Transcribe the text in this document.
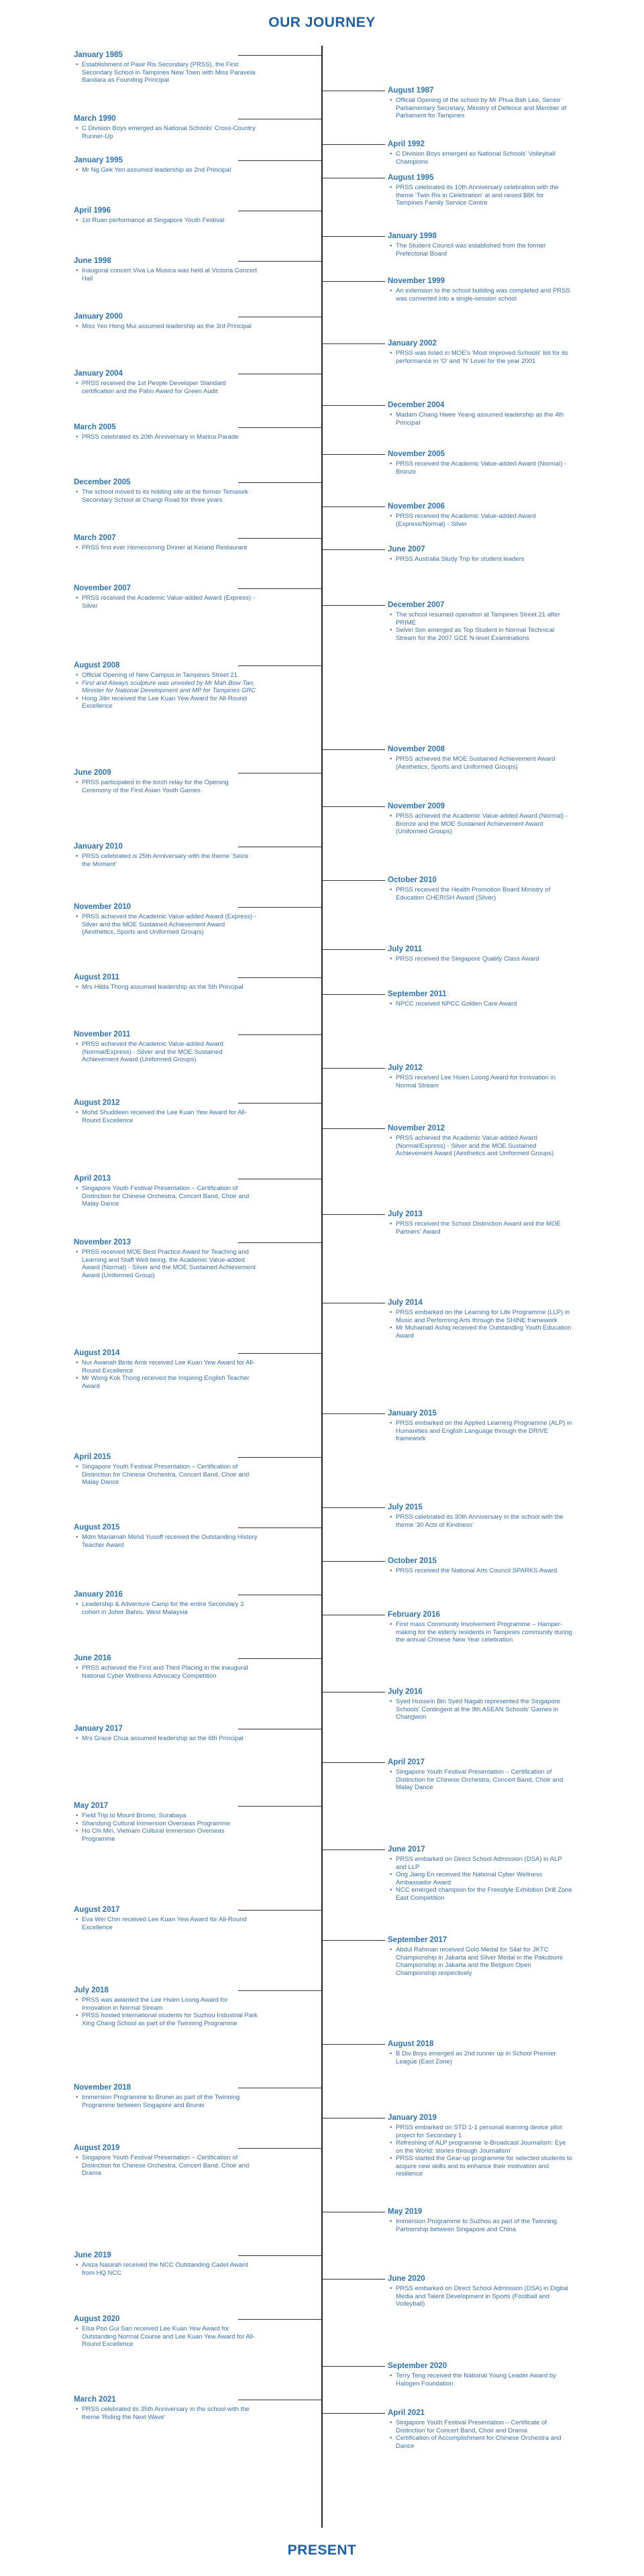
OUR JOURNEY
January 1985
• Establishment of Pasir Ris Secondary (PRSS), the First Secondary School in Tampines New Town with Miss Paravela Bandara as Founding Principal
August 1987
• Official Opening of the school by Mr Phua Bah Lee, Senior Parliamentary Secretary, Ministry of Defence and Member of Parliament for Tampines
March 1990
• C Division Boys emerged as National Schools' Cross-Country Runner-Up
April 1992
• C Division Boys emerged as National Schools' Volleyball Champions
January 1995
• Mr Ng Gek Yen assumed leadership as 2nd Principal
August 1995
• PRSS celebrated its 10th Anniversary celebration with the theme 'Twin Ris in Celebration' at and raised $8K for Tampines Family Service Centre
April 1996
• 1st Ruan performance at Singapore Youth Festival
January 1998
• The Student Council was established from the former Prefectorial Board
June 1998
• Inaugural concert Viva La Musica was held at Victoria Concert Hall	November 1999
• An extension to the school building was completed and PRSS was converted into a single-session school
January 2000
• Miss Yeo Hong Mui assumed leadership as the 3rd Principal
January 2002
• PRSS was listed in MOE's 'Most Improved Schools' list for its performance in 'O' and 'N' Level for the year 2001
January 2004
• PRSS received the 1st People Developer Standard certification and the Pahn Award for Green Audit
December 2004
• Madam Chang Hwee Yeang assumed leadership as the 4th Principal
March 2005
• PRSS celebrated its 20th Anniversary in Marina Parade
November 2005
• PRSS received the Academic Value-added Award (Normal) - Bronze
December 2005
• The school moved to its holding site at the former Temasek Secondary School at Changi Road for three years
November 2006
• PRSS received the Academic Value-added Award (Express/Normal) - Silver
March 2007
• PRSS first ever Homecoming Dinner at Keland Restaurant	June 2007
• PRSS Australia Study Trip for student leaders
November 2007
• PRSS received the Academic Value-added Award (Express) - Silver	December 2007
• The school resumed operation at Tampines Street 21 after PRIME
• Selvin Sim emerged as Top Student in Normal Technical Stream for the 2007 GCE N-level Examinations
August 2008
• Official Opening of New Campus in Tampines Street 21
• First and Always sculpture was unveiled by Mr Mah Bow Tan, Minister for National Development and MP for Tampines GRC
• Hong Jilin received the Lee Kuan Yew Award for All-Round Excellence
November 2008
• PRSS achieved the MOE Sustained Achievement Award (Aesthetics, Sports and Uniformed Groups)
June 2009
• PRSS participated in the torch relay for the Opening Ceremony of the First Asian Youth Games
November 2009
• PRSS achieved the Academic Value-added Award (Normal) - Bronze and the MOE Sustained Achievement Award (Uniformed Groups)
January 2010
• PRSS celebrated is 25th Anniversary with the theme 'Seize the Moment'
October 2010
• PRSS received the Health Promotion Board Ministry of Education CHERISH Award (Silver)
November 2010
• PRSS achieved the Academic Value-added Award (Express) - Silver and the MOE Sustained Achievement Award (Aesthetics, Sports and Uniformed Groups)
July 2011
• PRSS received the Singapore Quality Class Award
August 2011
• Mrs Hilda Thong assumed leadership as the 5th Principal
September 2011
• NPCC received NPCC Golden Care Award
November 2011
• PRSS achieved the Academic Value-added Award (Normal/Express) - Silver and the MOE Sustained Achievement Award (Uniformed Groups)
July 2012
• PRSS received Lee Hsien Loong Award for Innovation in Normal Stream
August 2012
• Mohd Shuddeen received the Lee Kuan Yew Award for All-Round Excellence
November 2012
• PRSS achieved the Academic Value-added Award (Normal/Express) - Silver and the MOE Sustained Achievement Award (Aesthetics and Uniformed Groups)
April 2013
• Singapore Youth Festival Presentation – Certification of Distinction for Chinese Orchestra, Concert Band, Choir and Malay Dance
July 2013
• PRSS received the School Distinction Award and the MOE Partners' Award
November 2013
• PRSS received MOE Best Practice Award for Teaching and Learning and Staff Well-being, the Academic Value-added Award (Normal) - Silver and the MOE Sustained Achievement Award (Uniformed Group)
July 2014
• PRSS embarked on the Learning for Life Programme (LLP) in Music and Performing Arts through the SHINE framework
• Mr Muhamad Ashiq received the Outstanding Youth Education Award
August 2014
• Nur Awanah Binte Amir received Lee Kuan Yew Award for All-Round Excellence
• Mr Wong Kok Thong received the Inspiring English Teacher Award
January 2015
• PRSS embarked on the Applied Learning Programme (ALP) in Humanities and English Language through the DRIVE framework
April 2015
• Singapore Youth Festival Presentation – Certification of Distinction for Chinese Orchestra, Concert Band, Choir and Malay Dance
July 2015
• PRSS celebrated its 30th Anniversary in the school with the theme '30 Acts of Kindness'
August 2015
• Mdm Mariamah Mohd Yusoff received the Outstanding History Teacher Award
October 2015
• PRSS received the National Arts Council SPARKS Award
January 2016
• Leadership & Adventure Camp for the entire Secondary 3 cohort in Johor Bahru, West Malaysia	February 2016
• First mass Community Involvement Programme – Hamper-making for the elderly residents in Tampines community during the annual Chinese New Year celebration
June 2016
• PRSS achieved the First and Third Placing in the inaugural National Cyber Wellness Advocacy Competition
July 2016
• Syed Hussein Bin Syed Nagab represented the Singapore Schools' Contingent at the 9th ASEAN Schools' Games in Changwon
January 2017
• Mrs Grace Chua assumed leadership as the 6th Principal
April 2017
• Singapore Youth Festival Presentation – Certification of Distinction for Chinese Orchestra, Concert Band, Choir and Malay Dance
May 2017
• Field Trip to Mount Bromo, Surabaya
• Shandong Cultural Immersion Overseas Programme
• Ho Chi Min, Vietnam Cultural Immersion Overseas Programme
June 2017
• PRSS embarked on Direct School Admission (DSA) in ALP and LLP
• Ong Jiang En received the National Cyber Wellness Ambassador Award
• NCC emerged champion for the Freestyle Exhibition Drill Zone East Competition
August 2017
• Eva Wei Chin received Lee Kuan Yew Award for All-Round Excellence
September 2017
• Abdul Rahman received Gold Medal for Silat for JKTC Championship in Jakarta and Silver Medal in the Pakubumi Championship in Jakarta and the Belgium Open Championship respectively
July 2018
• PRSS was awarded the Lee Hsien Loong Award for Innovation in Normal Stream
• PRSS hosted international students for Suzhou Industrial Park Xing Chang School as part of the Twinning Programme
August 2018
• B Div Boys emerged as 2nd runner up in School Premier League (East Zone)
November 2018
• Immersion Programme to Brunei as part of the Twinning Programme between Singapore and Brunei
January 2019
• PRSS embarked on STD 1-1 personal learning device pilot project for Secondary 1
• Refreshing of ALP programme 'e-Broadcast Journalism: Eye on the World: stories through Journalism'
• PRSS started the Gear-up programme for selected students to acquire new skills and to enhance their motivation and resilience
August 2019
• Singapore Youth Festival Presentation – Certification of Distinction for Chinese Orchestra, Concert Band, Choir and Drama
May 2019
• Immersion Programme to Suzhou as part of the Twinning Partnership between Singapore and China
June 2019
• Aniza Nasirah received the NCC Outstanding Cadet Award from HQ NCC
June 2020
• PRSS embarked on Direct School Admission (DSA) in Digital Media and Talent Development in Sports (Football and Volleyball)
August 2020
• Elsa Poo Gui San received Lee Kuan Yew Award for Outstanding Normal Course and Lee Kuan Yew Award for All-Round Excellence
September 2020
• Terry Teng received the National Young Leader Award by Halogen Foundation
March 2021
• PRSS celebrated its 35th Anniversary in the school with the theme 'Riding the Next Wave'	April 2021
• Singapore Youth Festival Presentation – Certificate of Distinction for Concert Band, Choir and Drama
• Certification of Accomplishment for Chinese Orchestra and Dance
PRESENT
